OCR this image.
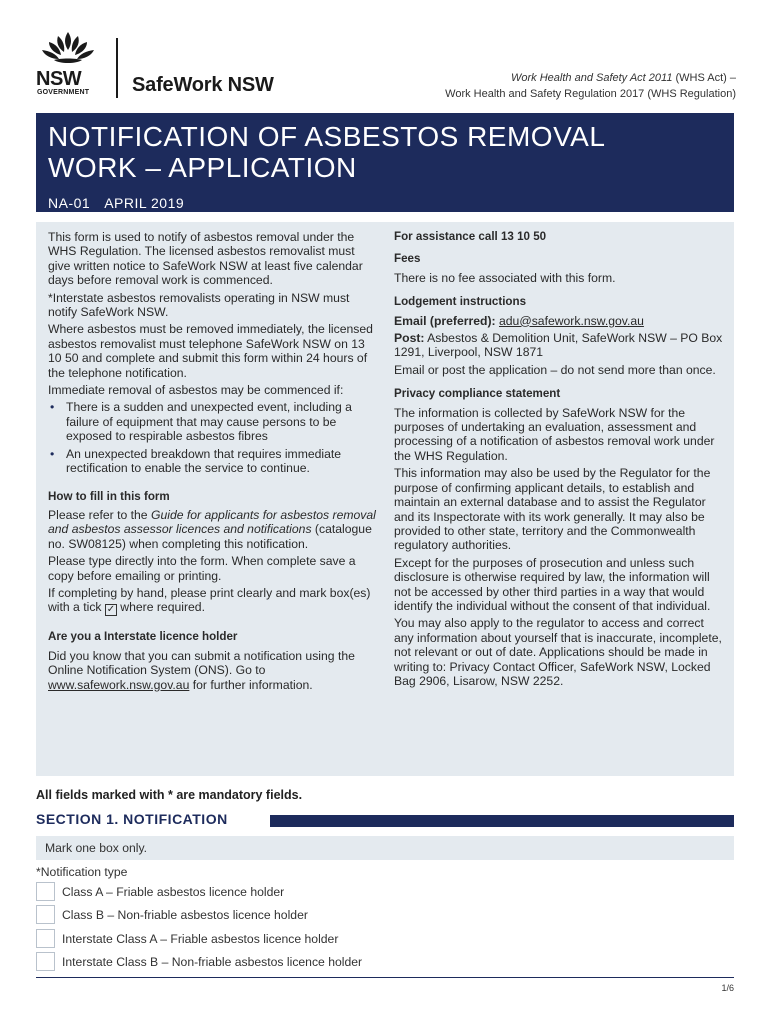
NSW
GOVERNMENT SafeWork NSW	Work Health and Safety Act 2011 (WHS Act) –
Work Health and Safety Regulation 2017 (WHS Regulation)
NOTIFICATION OF ASBESTOS REMOVAL
WORK – APPLICATION
NA-01 APRIL 2019
This form is used to notify of asbestos removal under the WHS Regulation. The licensed asbestos removalist must give written notice to SafeWork NSW at least five calendar days before removal work is commenced.
*Interstate asbestos removalists operating in NSW must notify SafeWork NSW.
Where asbestos must be removed immediately, the licensed asbestos removalist must telephone SafeWork NSW on 13 10 50 and complete and submit this form within 24 hours of the telephone notification.
Immediate removal of asbestos may be commenced if:
• There is a sudden and unexpected event, including a failure of equipment that may cause persons to be exposed to respirable asbestos fibres
• An unexpected breakdown that requires immediate rectification to enable the service to continue.
How to fill in this form
Please refer to the Guide for applicants for asbestos removal and asbestos assessor licences and notifications (catalogue no. SW08125) when completing this notification.
Please type directly into the form. When complete save a copy before emailing or printing.
If completing by hand, please print clearly and mark box(es) with a tick ✓ where required.
Are you a Interstate licence holder
Did you know that you can submit a notification using the Online Notification System (ONS). Go to www.safework.nsw.gov.au for further information.
For assistance call 13 10 50
Fees
There is no fee associated with this form.
Lodgement instructions
Email (preferred): adu@safework.nsw.gov.au
Post: Asbestos & Demolition Unit, SafeWork NSW – PO Box 1291, Liverpool, NSW 1871
Email or post the application – do not send more than once.
Privacy compliance statement
The information is collected by SafeWork NSW for the purposes of undertaking an evaluation, assessment and processing of a notification of asbestos removal work under the WHS Regulation.
This information may also be used by the Regulator for the purpose of confirming applicant details, to establish and maintain an external database and to assist the Regulator and its Inspectorate with its work generally. It may also be provided to other state, territory and the Commonwealth regulatory authorities.
Except for the purposes of prosecution and unless such disclosure is otherwise required by law, the information will not be accessed by other third parties in a way that would identify the individual without the consent of that individual.
You may also apply to the regulator to access and correct any information about yourself that is inaccurate, incomplete, not relevant or out of date. Applications should be made in writing to: Privacy Contact Officer, SafeWork NSW, Locked Bag 2906, Lisarow, NSW 2252.
All fields marked with * are mandatory fields.
SECTION 1. NOTIFICATION
Mark one box only.
*Notification type
Class A – Friable asbestos licence holder
Class B – Non-friable asbestos licence holder
Interstate Class A – Friable asbestos licence holder
Interstate Class B – Non-friable asbestos licence holder
1/6
